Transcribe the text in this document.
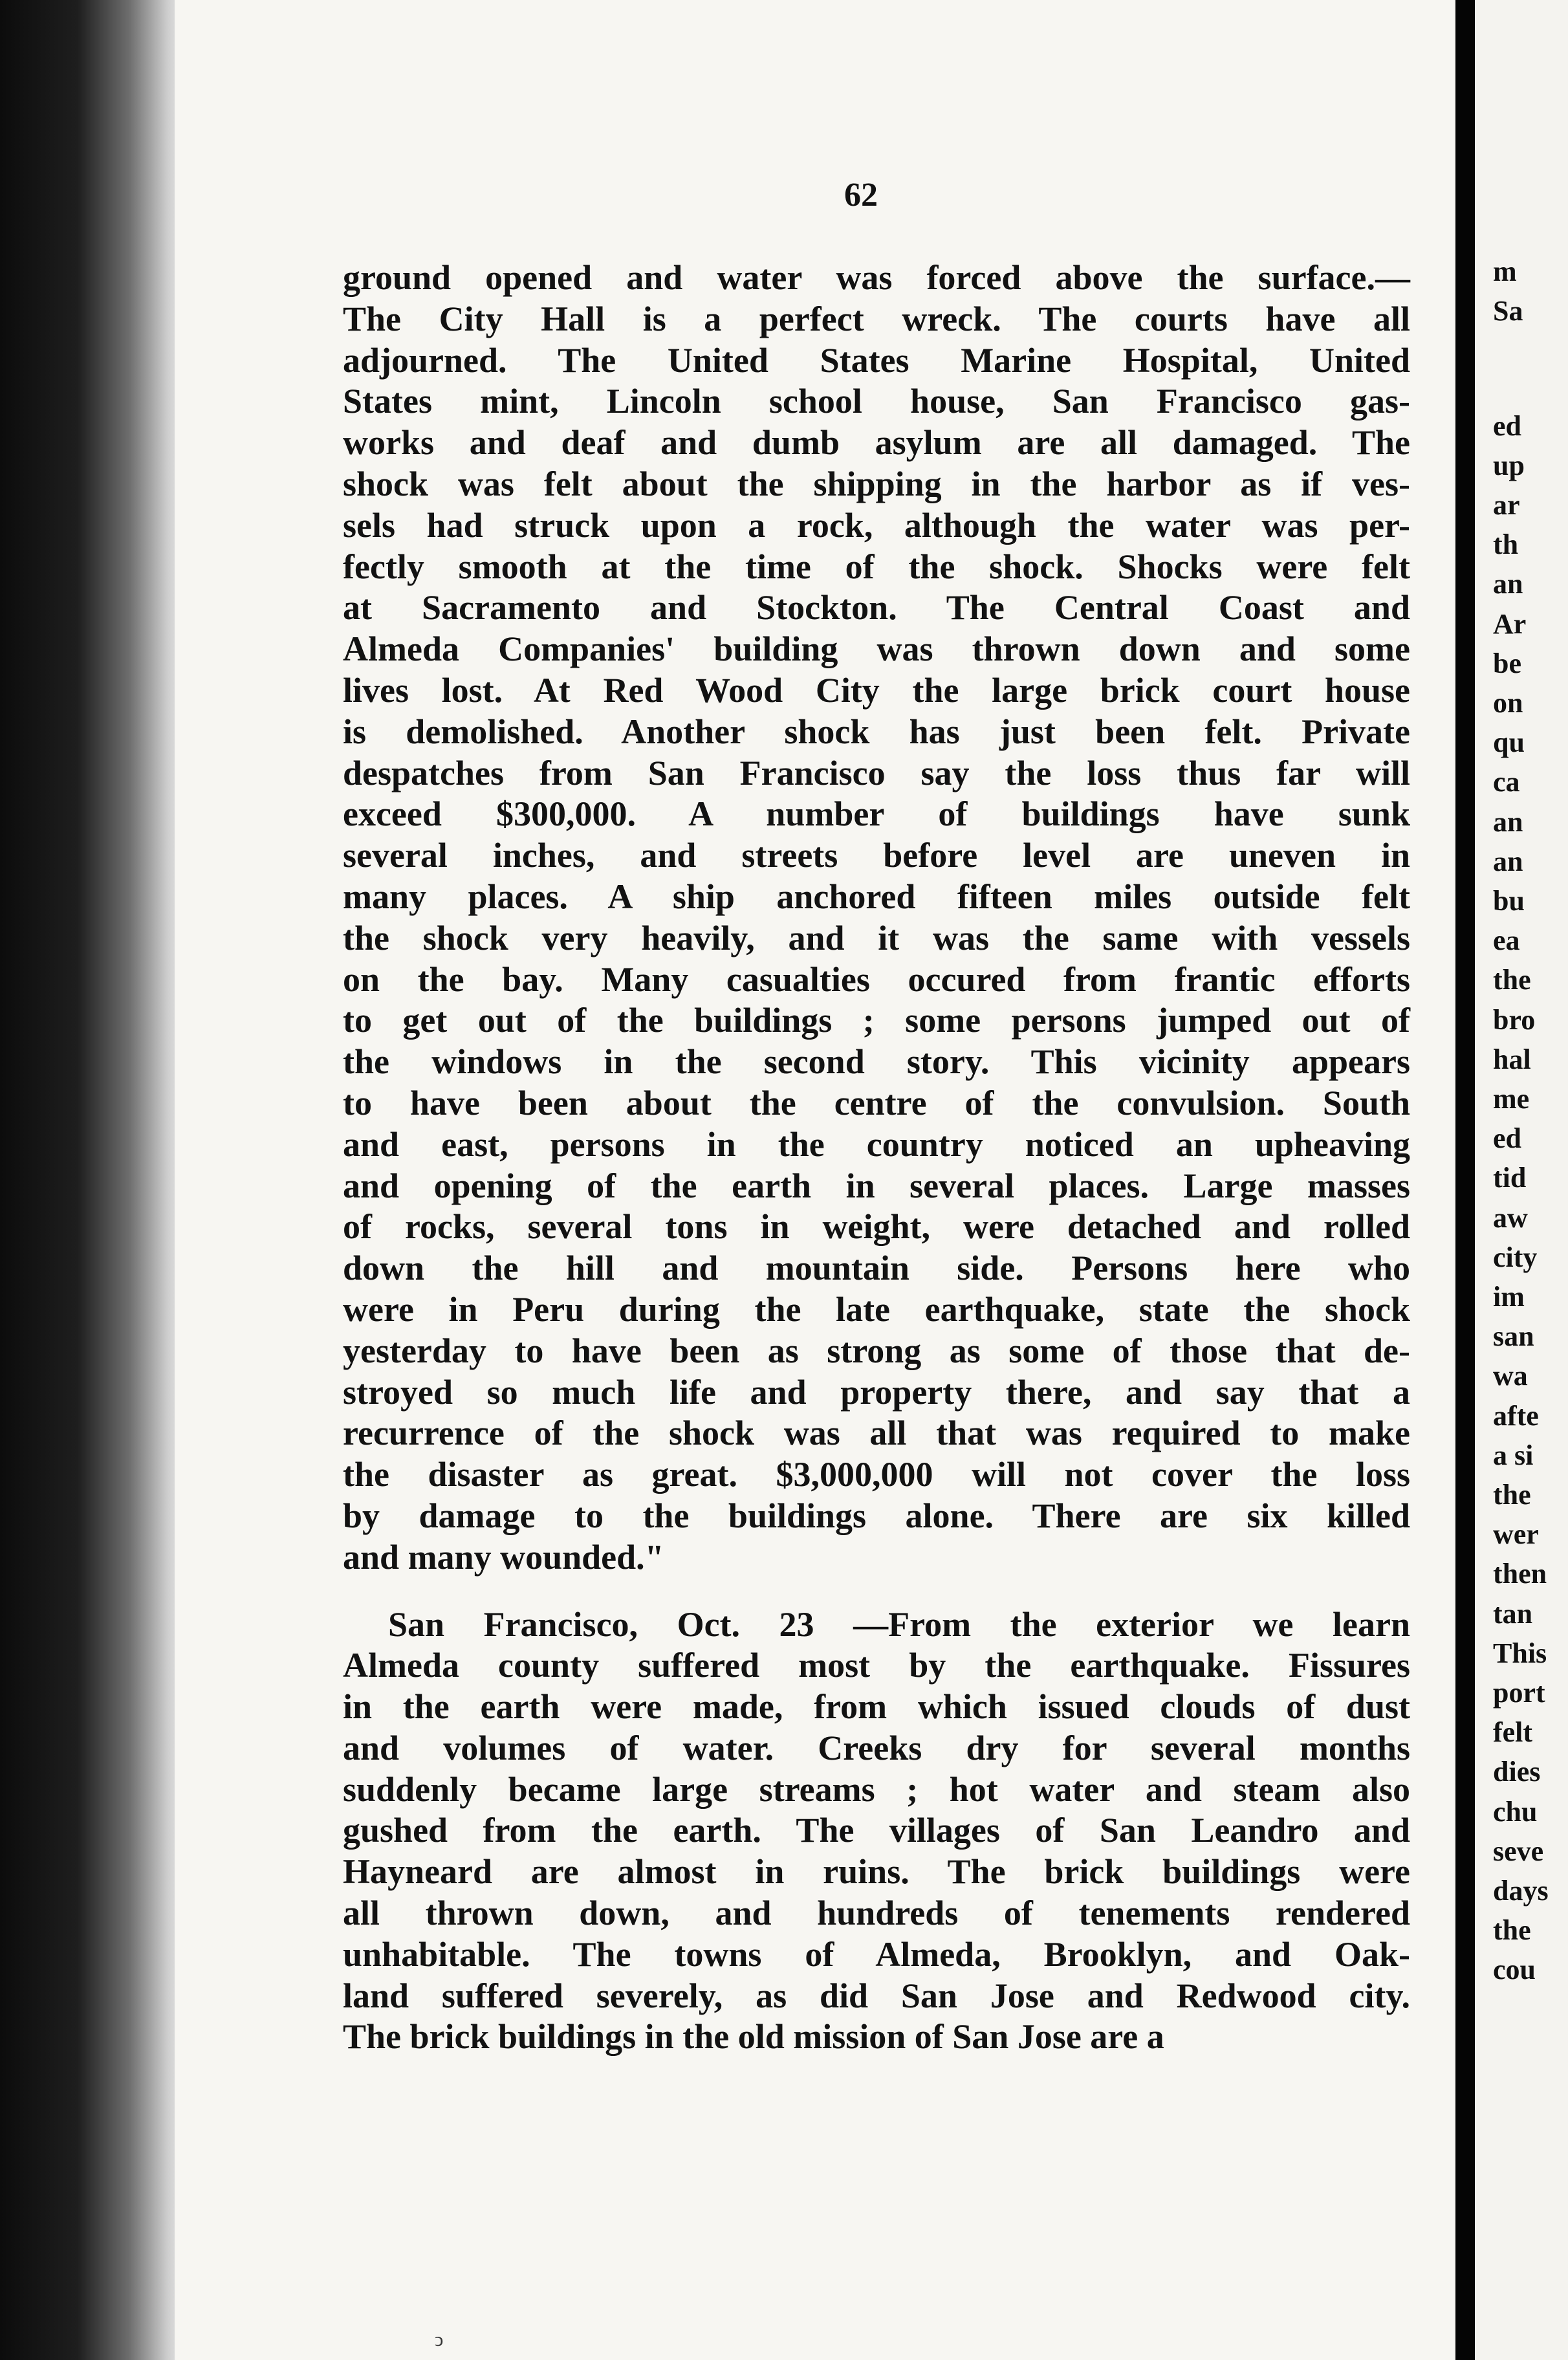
m
Sa
ed
up
ar
th
an
Ar
be
on
qu
ca
an
an
bu
ea
the
bro
hal
me
ed
tid
aw
city
im
san
wa
afte
a si
the
wer
then
tan
This
port
felt
dies
chu
seve
days
the
cou
62
ground opened and water was forced above the surface.—
The City Hall is a perfect wreck. The courts have all
adjourned. The United States Marine Hospital, United
States mint, Lincoln school house, San Francisco gas-
works and deaf and dumb asylum are all damaged. The
shock was felt about the shipping in the harbor as if ves-
sels had struck upon a rock, although the water was per-
fectly smooth at the time of the shock. Shocks were felt
at Sacramento and Stockton. The Central Coast and
Almeda Companies' building was thrown down and some
lives lost. At Red Wood City the large brick court house
is demolished. Another shock has just been felt. Private
despatches from San Francisco say the loss thus far will
exceed $300,000. A number of buildings have sunk
several inches, and streets before level are uneven in
many places. A ship anchored fifteen miles outside felt
the shock very heavily, and it was the same with vessels
on the bay. Many casualties occured from frantic efforts
to get out of the buildings ; some persons jumped out of
the windows in the second story. This vicinity appears
to have been about the centre of the convulsion. South
and east, persons in the country noticed an upheaving
and opening of the earth in several places. Large masses
of rocks, several tons in weight, were detached and rolled
down the hill and mountain side. Persons here who
were in Peru during the late earthquake, state the shock
yesterday to have been as strong as some of those that de-
stroyed so much life and property there, and say that a
recurrence of the shock was all that was required to make
the disaster as great. $3,000,000 will not cover the loss
by damage to the buildings alone. There are six killed
and many wounded."
San Francisco, Oct. 23 —From the exterior we learn
Almeda county suffered most by the earthquake. Fissures
in the earth were made, from which issued clouds of dust
and volumes of water. Creeks dry for several months
suddenly became large streams ; hot water and steam also
gushed from the earth. The villages of San Leandro and
Hayneard are almost in ruins. The brick buildings were
all thrown down, and hundreds of tenements rendered
unhabitable. The towns of Almeda, Brooklyn, and Oak-
land suffered severely, as did San Jose and Redwood city.
The brick buildings in the old mission of San Jose are a
ↄ
